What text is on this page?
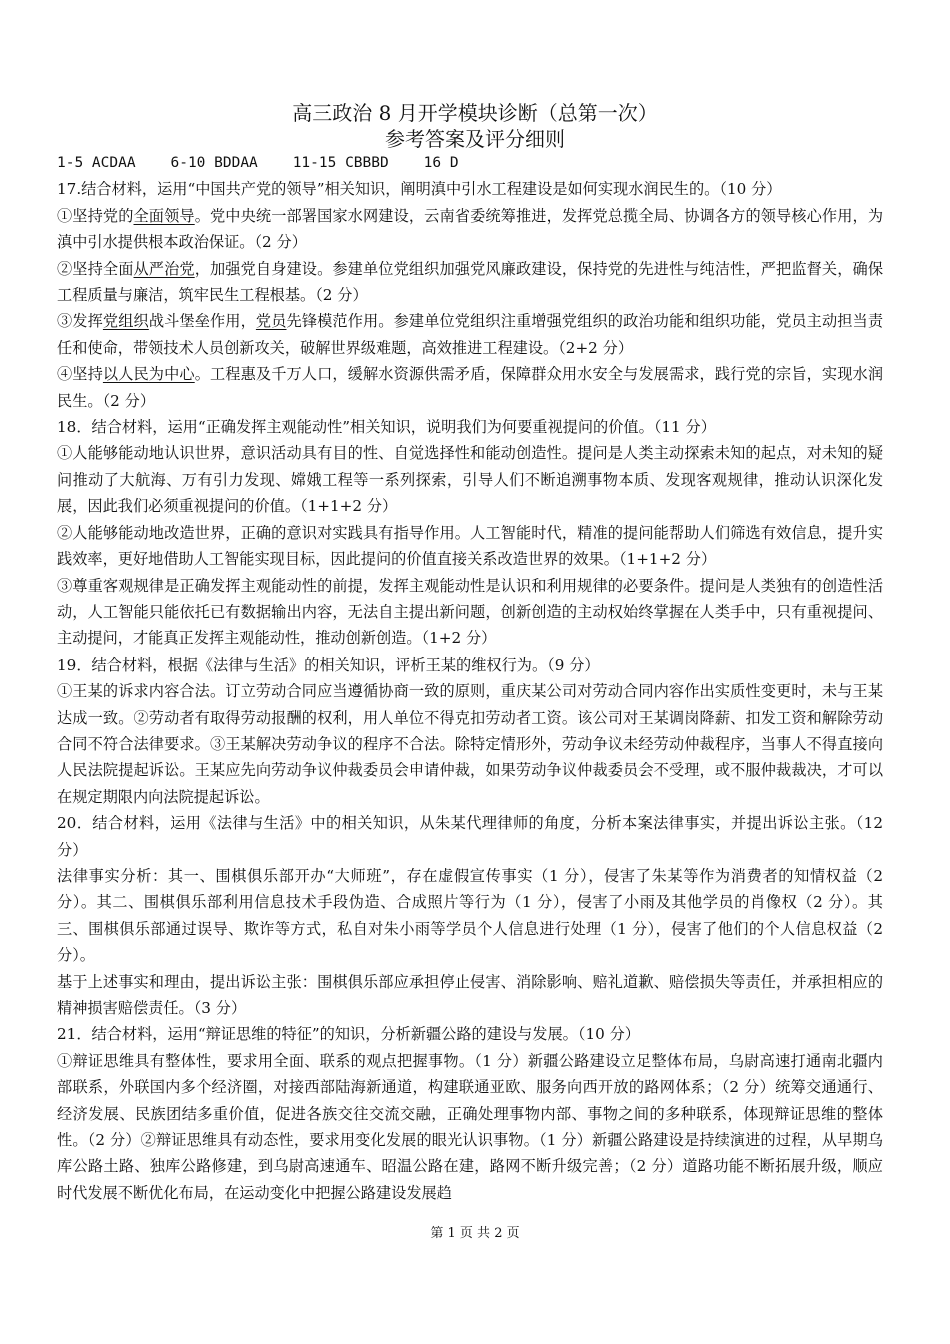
高三政治 8 月开学模块诊断（总第一次）
参考答案及评分细则

1-5 ACDAA    6-10 BDDAA    11-15 CBBBD    16 D

17.结合材料，运用“中国共产党的领导”相关知识，阐明滇中引水工程建设是如何实现水润民生的。（10 分）

①坚持党的全面领导。党中央统一部署国家水网建设，云南省委统筹推进，发挥党总揽全局、协调各方的领导核心作用，为滇中引水提供根本政治保证。（2 分）

②坚持全面从严治党，加强党自身建设。参建单位党组织加强党风廉政建设，保持党的先进性与纯洁性，严把监督关，确保工程质量与廉洁，筑牢民生工程根基。（2 分）

③发挥党组织战斗堡垒作用，党员先锋模范作用。参建单位党组织注重增强党组织的政治功能和组织功能，党员主动担当责任和使命，带领技术人员创新攻关，破解世界级难题，高效推进工程建设。（2+2 分）

④坚持以人民为中心。工程惠及千万人口，缓解水资源供需矛盾，保障群众用水安全与发展需求，践行党的宗旨，实现水润民生。（2 分）

18．结合材料，运用“正确发挥主观能动性”相关知识，说明我们为何要重视提问的价值。（11 分）

①人能够能动地认识世界，意识活动具有目的性、自觉选择性和能动创造性。提问是人类主动探索未知的起点，对未知的疑问推动了大航海、万有引力发现、嫦娥工程等一系列探索，引导人们不断追溯事物本质、发现客观规律，推动认识深化发展，因此我们必须重视提问的价值。（1+1+2 分）

②人能够能动地改造世界，正确的意识对实践具有指导作用。人工智能时代，精准的提问能帮助人们筛选有效信息，提升实践效率，更好地借助人工智能实现目标，因此提问的价值直接关系改造世界的效果。（1+1+2 分）

③尊重客观规律是正确发挥主观能动性的前提，发挥主观能动性是认识和利用规律的必要条件。提问是人类独有的创造性活动，人工智能只能依托已有数据输出内容，无法自主提出新问题，创新创造的主动权始终掌握在人类手中，只有重视提问、主动提问，才能真正发挥主观能动性，推动创新创造。（1+2 分）

19．结合材料，根据《法律与生活》的相关知识，评析王某的维权行为。（9 分）

①王某的诉求内容合法。订立劳动合同应当遵循协商一致的原则，重庆某公司对劳动合同内容作出实质性变更时，未与王某达成一致。②劳动者有取得劳动报酬的权利，用人单位不得克扣劳动者工资。该公司对王某调岗降薪、扣发工资和解除劳动合同不符合法律要求。③王某解决劳动争议的程序不合法。除特定情形外，劳动争议未经劳动仲裁程序，当事人不得直接向人民法院提起诉讼。王某应先向劳动争议仲裁委员会申请仲裁，如果劳动争议仲裁委员会不受理，或不服仲裁裁决，才可以在规定期限内向法院提起诉讼。

20．结合材料，运用《法律与生活》中的相关知识，从朱某代理律师的角度，分析本案法律事实，并提出诉讼主张。（12 分）

法律事实分析：其一、围棋俱乐部开办“大师班”，存在虚假宣传事实（1 分），侵害了朱某等作为消费者的知情权益（2 分）。其二、围棋俱乐部利用信息技术手段伪造、合成照片等行为（1 分），侵害了小雨及其他学员的肖像权（2 分）。其三、围棋俱乐部通过误导、欺诈等方式，私自对朱小雨等学员个人信息进行处理（1 分），侵害了他们的个人信息权益（2 分）。

基于上述事实和理由，提出诉讼主张：围棋俱乐部应承担停止侵害、消除影响、赔礼道歉、赔偿损失等责任，并承担相应的精神损害赔偿责任。（3 分）

21．结合材料，运用“辩证思维的特征”的知识，分析新疆公路的建设与发展。（10 分）

①辩证思维具有整体性，要求用全面、联系的观点把握事物。（1 分）新疆公路建设立足整体布局，乌尉高速打通南北疆内部联系，外联国内多个经济圈，对接西部陆海新通道，构建联通亚欧、服务向西开放的路网体系；（2 分）统筹交通通行、经济发展、民族团结多重价值，促进各族交往交流交融，正确处理事物内部、事物之间的多种联系，体现辩证思维的整体性。（2 分）②辩证思维具有动态性，要求用变化发展的眼光认识事物。（1 分）新疆公路建设是持续演进的过程，从早期乌库公路土路、独库公路修建，到乌尉高速通车、昭温公路在建，路网不断升级完善；（2 分）道路功能不断拓展升级，顺应时代发展不断优化布局，在运动变化中把握公路建设发展趋

第 1 页 共 2 页
